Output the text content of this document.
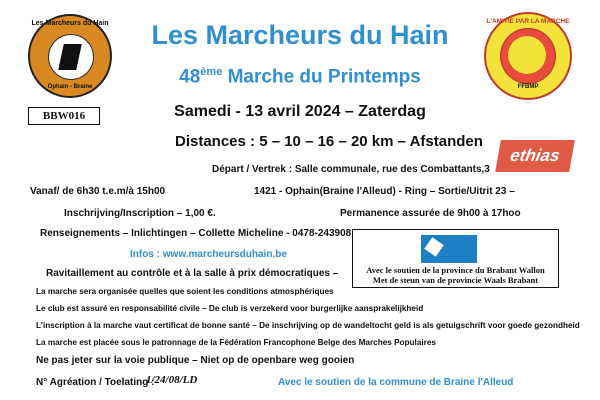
Les Marcheurs du Hain
Ophain - Braine
BBW016
Les Marcheurs du Hain
48ème Marche du Printemps
Samedi - 13 avril 2024 – Zaterdag
Distances : 5 – 10 – 16 – 20 km – Afstanden
L'AMITIE PAR LA MARCHE
FFBMP
ethias
Départ / Vertrek : Salle communale, rue des Combattants,3
Vanaf/ de 6h30 t.e.m/à 15h00	1421 - Ophain(Braine l'Alleud) - Ring – Sortie/Uitrit 23 –
Inschrijving/Inscription – 1,00 €.	Permanence assurée de 9h00 à 17hoo
Renseignements – Inlichtingen – Collette Micheline - 0478-243908
Infos : www.marcheursduhain.be
Ravitaillement au contrôle et à la salle à prix démocratiques –	Avec le soutien de la province du Brabant Wallon
Met de steun van de provincie Waals Brabant
La marche sera organisée quelles que soient les conditions atmosphériques
Le club est assuré en responsabilité civile – De club is verzekerd voor burgerlijke aansprakelijkheid
L'inscription à la marche vaut certificat de bonne santé – De inschrijving op de wandeltocht geld is als getuigschrift voor goede gezondheid
La marche est placée sous le patronnage de la Fédération Francophone Belge des Marches Populaires
Ne pas jeter sur la voie publique – Niet op de openbare weg gooien
N° Agréation / Toelating :
1/24/08/LD	Avec le soutien de la commune de Braine l'Alleud
